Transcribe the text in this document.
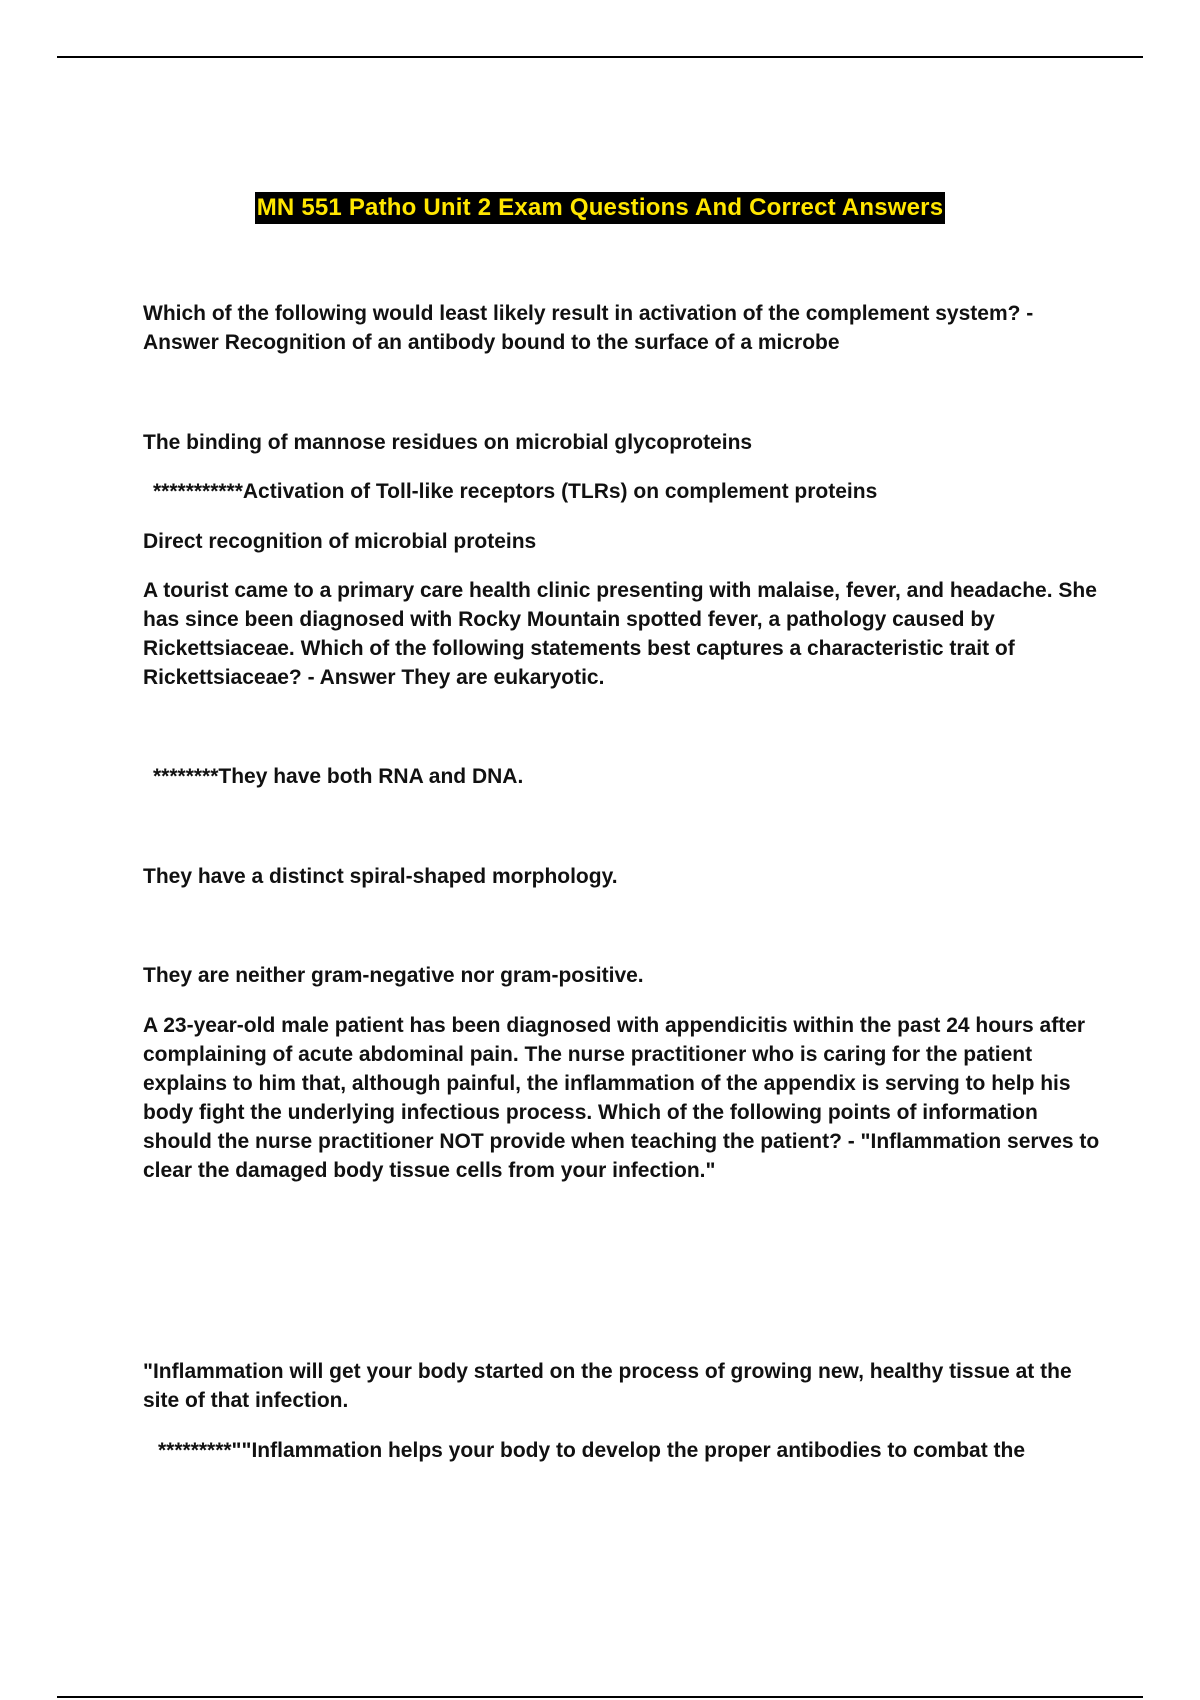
MN 551 Patho Unit 2 Exam Questions And Correct Answers

Which of the following would least likely result in activation of the complement system? - Answer Recognition of an antibody bound to the surface of a microbe

The binding of mannose residues on microbial glycoproteins

***********Activation of Toll-like receptors (TLRs) on complement proteins

Direct recognition of microbial proteins

A tourist came to a primary care health clinic presenting with malaise, fever, and headache. She has since been diagnosed with Rocky Mountain spotted fever, a pathology caused by Rickettsiaceae. Which of the following statements best captures a characteristic trait of Rickettsiaceae? - Answer They are eukaryotic.

********They have both RNA and DNA.

They have a distinct spiral-shaped morphology.

They are neither gram-negative nor gram-positive.

A 23-year-old male patient has been diagnosed with appendicitis within the past 24 hours after complaining of acute abdominal pain. The nurse practitioner who is caring for the patient explains to him that, although painful, the inflammation of the appendix is serving to help his body fight the underlying infectious process. Which of the following points of information should the nurse practitioner NOT provide when teaching the patient? - "Inflammation serves to clear the damaged body tissue cells from your infection."

"Inflammation will get your body started on the process of growing new, healthy tissue at the site of that infection.

*********""Inflammation helps your body to develop the proper antibodies to combat the
